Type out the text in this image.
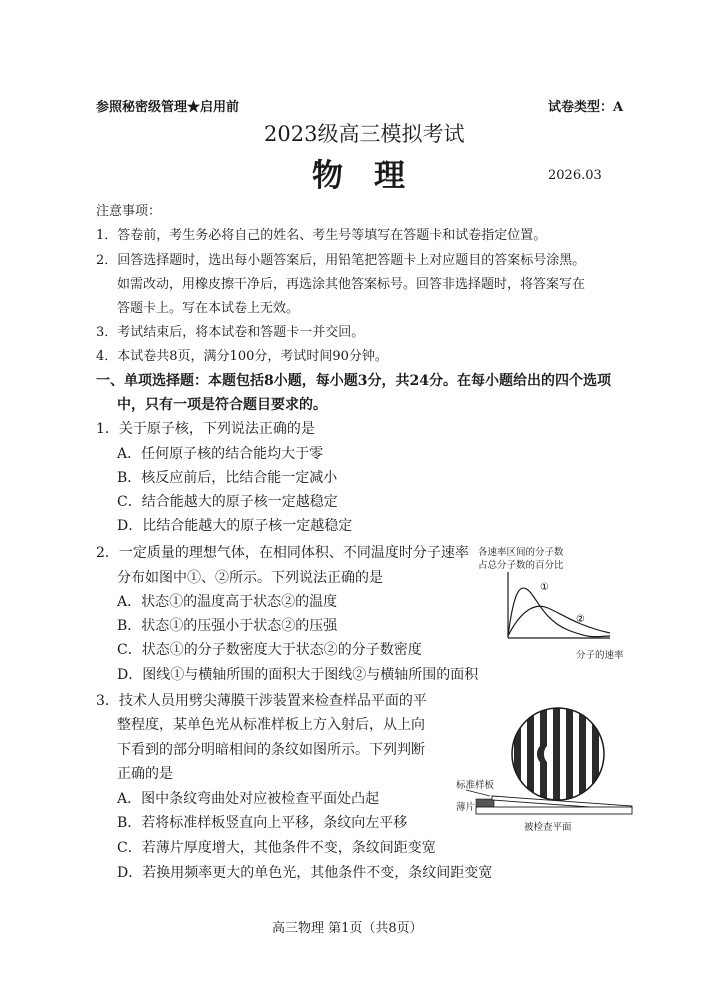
参照秘密级管理★启用前	试卷类型：A
2023级高三模拟考试
物　理	2026.03
注意事项：
1．答卷前，考生务必将自己的姓名、考生号等填写在答题卡和试卷指定位置。
2．回答选择题时，选出每小题答案后，用铅笔把答题卡上对应题目的答案标号涂黑。
如需改动，用橡皮擦干净后，再选涂其他答案标号。回答非选择题时，将答案写在
答题卡上。写在本试卷上无效。
3．考试结束后，将本试卷和答题卡一并交回。
4．本试卷共8页，满分100分，考试时间90分钟。
一、单项选择题：本题包括8小题，每小题3分，共24分。在每小题给出的四个选项
中，只有一项是符合题目要求的。
1．关于原子核，下列说法正确的是
A．任何原子核的结合能均大于零
B．核反应前后，比结合能一定减小
C．结合能越大的原子核一定越稳定
D．比结合能越大的原子核一定越稳定
2．一定质量的理想气体，在相同体积、不同温度时分子速率
分布如图中①、②所示。下列说法正确的是
A．状态①的温度高于状态②的温度
B．状态①的压强小于状态②的压强
C．状态①的分子数密度大于状态②的分子数密度
D．图线①与横轴所围的面积大于图线②与横轴所围的面积
各速率区间的分子数
占总分子数的百分比
①
②
分子的速率
3．技术人员用劈尖薄膜干涉装置来检查样品平面的平
整程度，某单色光从标准样板上方入射后，从上向
下看到的部分明暗相间的条纹如图所示。下列判断
正确的是
A．图中条纹弯曲处对应被检查平面处凸起
B．若将标准样板竖直向上平移，条纹向左平移
C．若薄片厚度增大，其他条件不变，条纹间距变宽
D．若换用频率更大的单色光，其他条件不变，条纹间距变宽
标准样板
薄片
被检查平面
高三物理 第1页（共8页）
